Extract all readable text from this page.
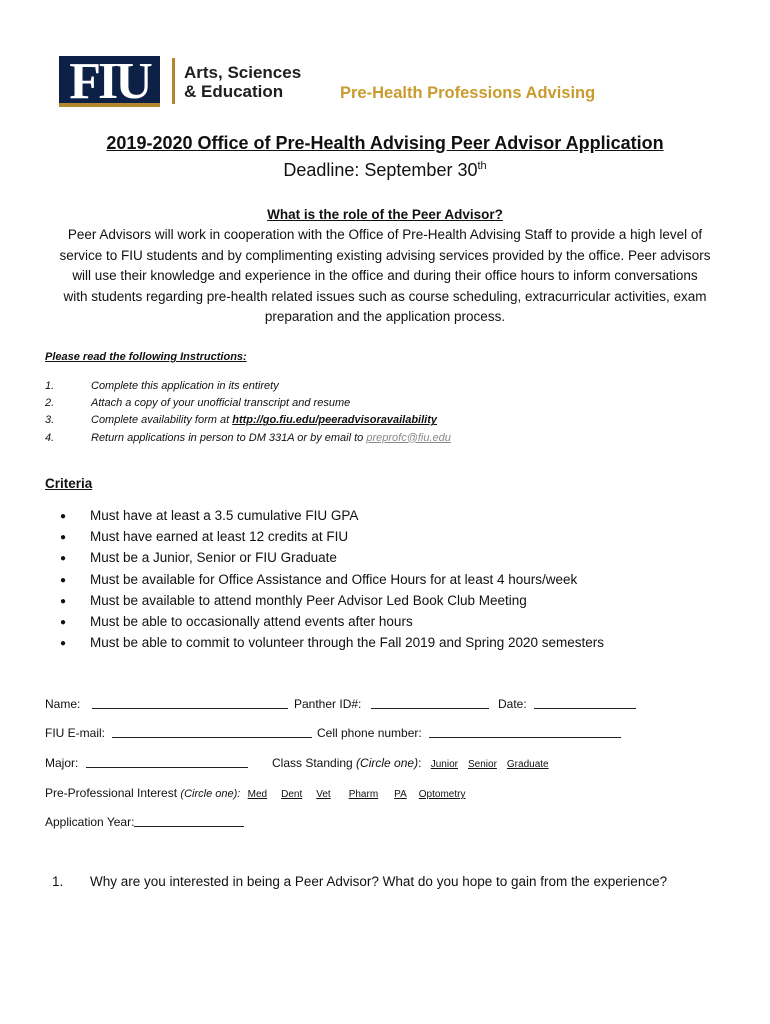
FIU	Arts, Sciences
& Education	Pre-Health Professions Advising
2019-2020 Office of Pre-Health Advising Peer Advisor Application
Deadline: September 30th
What is the role of the Peer Advisor?
Peer Advisors will work in cooperation with the Office of Pre-Health Advising Staff to provide a high level of
service to FIU students and by complimenting existing advising services provided by the office. Peer advisors
will use their knowledge and experience in the office and during their office hours to inform conversations
with students regarding pre-health related issues such as course scheduling, extracurricular activities, exam
preparation and the application process.
Please read the following Instructions:
1.	Complete this application in its entirety
2.	Attach a copy of your unofficial transcript and resume
3.	Complete availability form at http://go.fiu.edu/peeradvisoravailability
4.	Return applications in person to DM 331A or by email to preprofc@fiu.edu
Criteria
● Must have at least a 3.5 cumulative FIU GPA
● Must have earned at least 12 credits at FIU
● Must be a Junior, Senior or FIU Graduate
● Must be available for Office Assistance and Office Hours for at least 4 hours/week
● Must be available to attend monthly Peer Advisor Led Book Club Meeting
● Must be able to occasionally attend events after hours
● Must be able to commit to volunteer through the Fall 2019 and Spring 2020 semesters
Name:	Panther ID#:	Date:
FIU E-mail:	Cell phone number:
Major:	Class Standing (Circle one): Junior Senior Graduate
Pre-Professional Interest (Circle one): Med Dent Vet Pharm PA Optometry
Application Year:
1. Why are you interested in being a Peer Advisor? What do you hope to gain from the experience?
